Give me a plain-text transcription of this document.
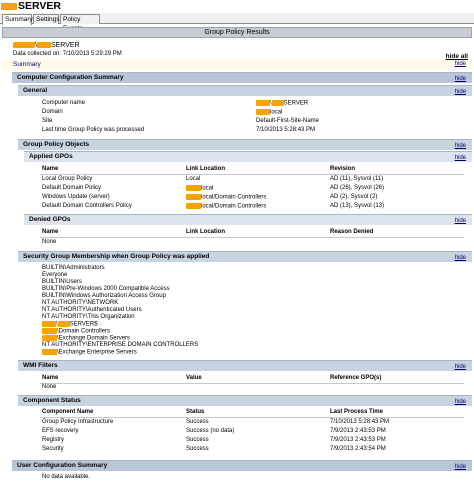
SERVER
Summary Settings Policy
Group Policy Results
\ SERVER
Data collected on: 7/10/2013 5:29:29 PM	hide all
Summary	hide
Computer Configuration Summary	hide
General	hide
Computer name	\ SERVER
Domain	local
Site	Default-First-Site-Name
Last time Group Policy was processed	7/10/2013 5:28:43 PM
Group Policy Objects	hide
Applied GPOs	hide
Name	Link Location	Revision
Local Group Policy	Local	AD (11), Sysvol (11)
Default Domain Policy	local	AD (26), Sysvol (26)
Windows Update (server)	local/Domain Controllers	AD (2), Sysvol (2)
Default Domain Controllers Policy	local/Domain Controllers	AD (13), Sysvol (13)
Denied GPOs	hide
Name	Link Location	Reason Denied
None
Security Group Membership when Group Policy was applied	hide
BUILTIN\Administrators
Everyone
BUILTIN\Users
BUILTIN\Pre-Windows 2000 Compatible Access
BUILTIN\Windows Authorization Access Group
NT AUTHORITY\NETWORK
NT AUTHORITY\Authenticated Users
NT AUTHORITY\This Organization
\ SERVER$
\Domain Controllers
\Exchange Domain Servers
NT AUTHORITY\ENTERPRISE DOMAIN CONTROLLERS
\Exchange Enterprise Servers
WMI Filters	hide
Name	Value	Reference GPO(s)
None
Component Status	hide
Component Name	Status	Last Process Time
Group Policy Infrastructure	Success	7/10/2013 5:28:43 PM
EFS recovery	Success (no data)	7/9/2013 2:43:53 PM
Registry	Success	7/9/2013 2:43:53 PM
Security	Success	7/9/2013 2:43:54 PM
User Configuration Summary	hide
No data available.
